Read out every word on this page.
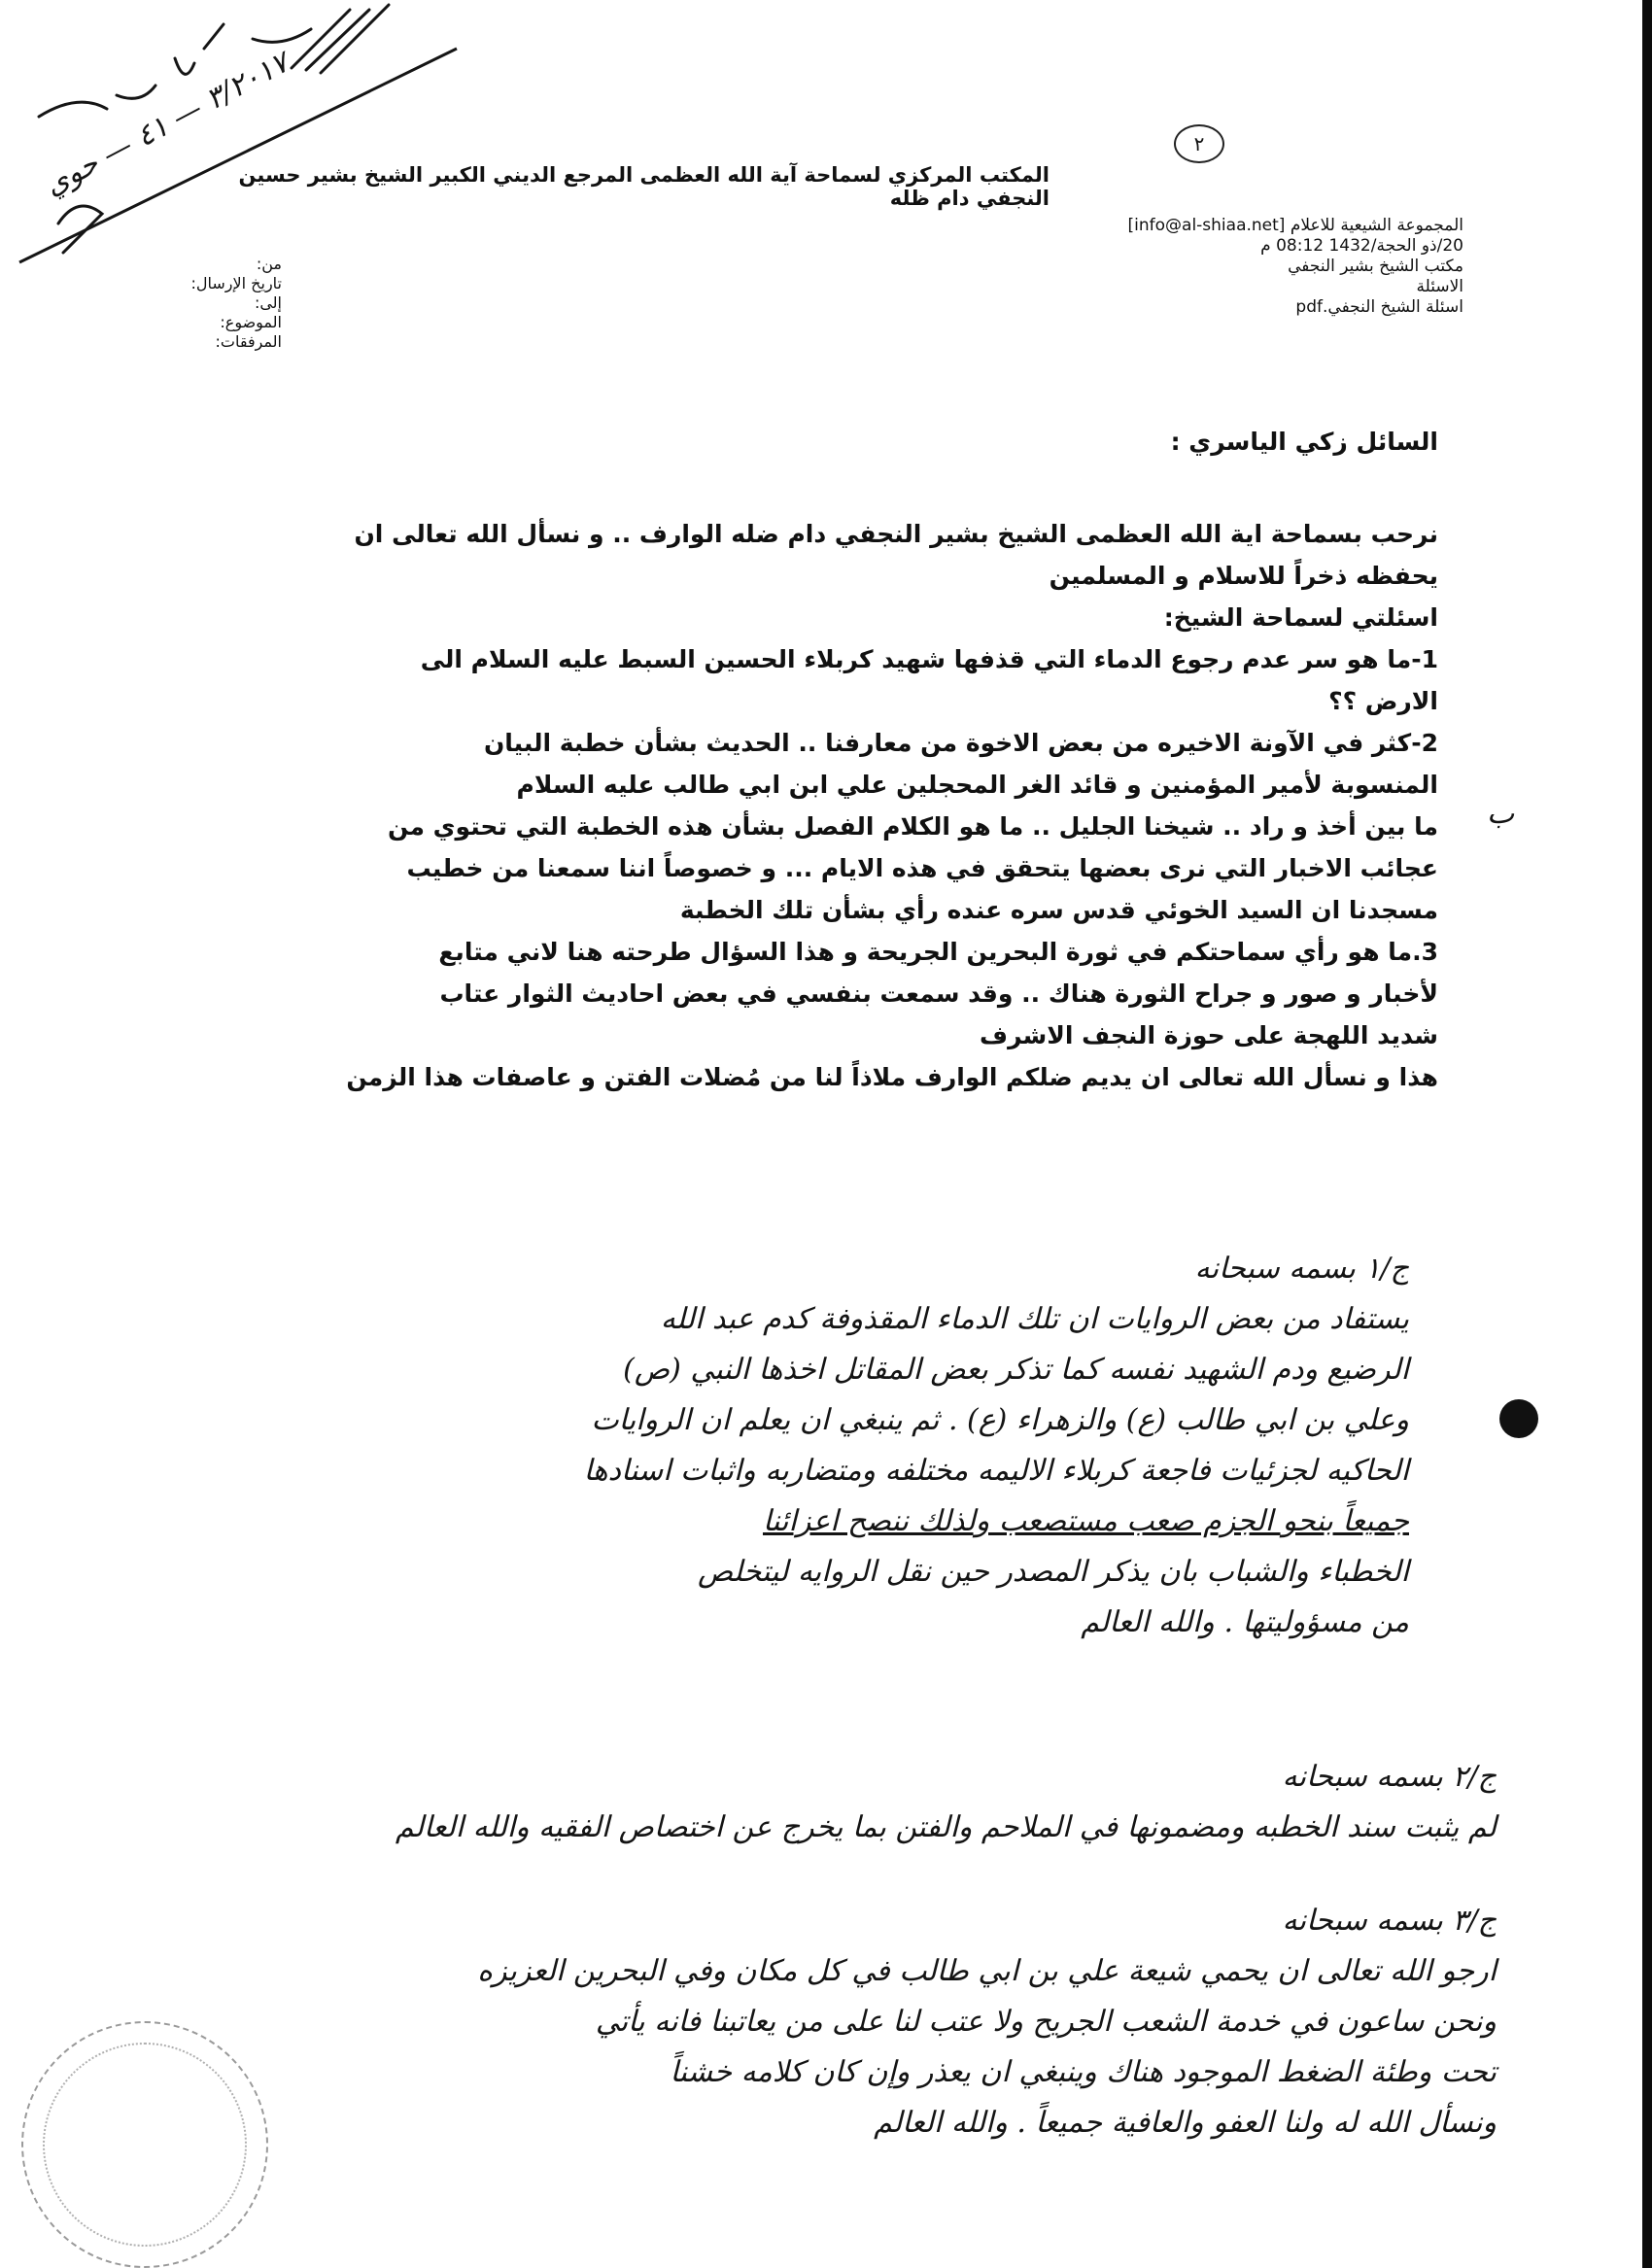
٣/٢٠١٧ — ٤١ — حوي
٢
المكتب المركزي لسماحة آية الله العظمى المرجع الديني الكبير الشيخ بشير حسين النجفي دام ظله
المجموعة الشيعية للاعلام [info@al-shiaa.net]
20/ذو الحجة/1432 08:12 م
مكتب الشيخ بشير النجفي
الاسئلة
اسئلة الشيخ النجفي.pdf
من:
تاريخ الإرسال:
إلى:
الموضوع:
المرفقات:
السائل زكي الياسري :

نرحب بسماحة اية الله العظمى الشيخ بشير النجفي دام ضله الوارف .. و نسأل الله تعالى ان

يحفظه ذخراً للاسلام و المسلمين

اسئلتي لسماحة الشيخ:

1-ما هو سر عدم رجوع الدماء التي قذفها شهيد كربلاء الحسين السبط عليه السلام الى

الارض ؟؟

2-كثر في الآونة الاخيره من بعض الاخوة من معارفنا .. الحديث بشأن خطبة البيان

المنسوبة لأمير المؤمنين و قائد الغر المحجلين علي ابن ابي طالب عليه السلام

ما بين أخذ و راد .. شيخنا الجليل .. ما هو الكلام الفصل بشأن هذه الخطبة التي تحتوي من

عجائب الاخبار التي نرى بعضها يتحقق في هذه الايام ... و خصوصاً اننا سمعنا من خطيب

مسجدنا ان السيد الخوئي قدس سره عنده رأي بشأن تلك الخطبة

3.ما هو رأي سماحتكم في ثورة البحرين الجريحة و هذا السؤال طرحته هنا لاني متابع

لأخبار و صور و جراح الثورة هناك .. وقد سمعت بنفسي في بعض احاديث الثوار عتاب

شديد اللهجة على حوزة النجف الاشرف

هذا و نسأل الله تعالى ان يديم ضلكم الوارف ملاذاً لنا من مُضلات الفتن و عاصفات هذا الزمن

ب
ج/١ بسمه سبحانه
يستفاد من بعض الروايات ان تلك الدماء المقذوفة كدم عبد الله
الرضيع ودم الشهيد نفسه كما تذكر بعض المقاتل اخذها النبي (ص)
وعلي بن ابي طالب (ع) والزهراء (ع) . ثم ينبغي ان يعلم ان الروايات
الحاكيه لجزئيات فاجعة كربلاء الاليمه مختلفه ومتضاربه واثبات اسنادها
جميعاً بنحو الجزم صعب مستصعب ولذلك ننصح اعزائنا
الخطباء والشباب بان يذكر المصدر حين نقل الروايه ليتخلص
من مسؤوليتها . والله العالم
ج/٢ بسمه سبحانه
لم يثبت سند الخطبه ومضمونها في الملاحم والفتن بما يخرج عن اختصاص الفقيه والله العالم
ج/٣ بسمه سبحانه
ارجو الله تعالى ان يحمي شيعة علي بن ابي طالب في كل مكان وفي البحرين العزيزه
ونحن ساعون في خدمة الشعب الجريح ولا عتب لنا على من يعاتبنا فانه يأتي
تحت وطئة الضغط الموجود هناك وينبغي ان يعذر وإن كان كلامه خشناً
ونسأل الله له ولنا العفو والعافية جميعاً . والله العالم
